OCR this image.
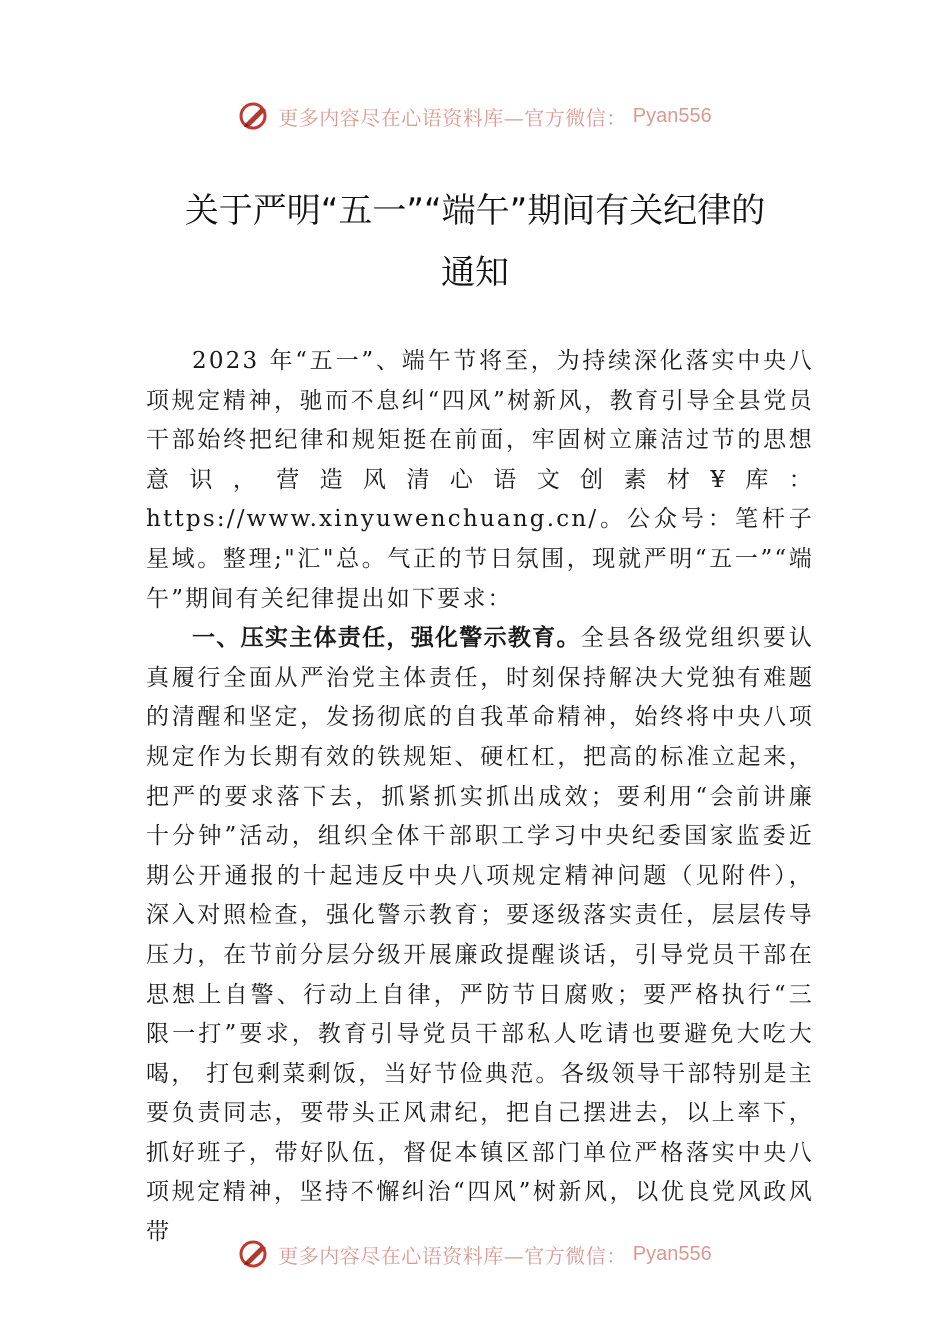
更多内容尽在心语资料库—官方微信： Pyan556
关于严明“五一”“端午”期间有关纪律的
通知

2023 年“五一”、端午节将至，为持续深化落实中央八项规定精神，驰而不息纠“四风”树新风，教育引导全县党员干部始终把纪律和规矩挺在前面，牢固树立廉洁过节的思想意识，营造风清心语文创素材¥库：https://www.xinyuwenchuang.cn/。公众号：笔杆子星域。整理;"汇"总。气正的节日氛围，现就严明“五一”“端午”期间有关纪律提出如下要求：

一、压实主体责任，强化警示教育。全县各级党组织要认真履行全面从严治党主体责任，时刻保持解决大党独有难题的清醒和坚定，发扬彻底的自我革命精神，始终将中央八项规定作为长期有效的铁规矩、硬杠杠，把高的标准立起来，把严的要求落下去，抓紧抓实抓出成效；要利用“会前讲廉十分钟”活动，组织全体干部职工学习中央纪委国家监委近期公开通报的十起违反中央八项规定精神问题（见附件），深入对照检查，强化警示教育；要逐级落实责任，层层传导压力，在节前分层分级开展廉政提醒谈话，引导党员干部在思想上自警、行动上自律，严防节日腐败；要严格执行“三限一打”要求，教育引导党员干部私人吃请也要避免大吃大喝， 打包剩菜剩饭，当好节俭典范。各级领导干部特别是主要负责同志，要带头正风肃纪，把自己摆进去，以上率下，抓好班子，带好队伍，督促本镇区部门单位严格落实中央八项规定精神，坚持不懈纠治“四风”树新风，以优良党风政风带

更多内容尽在心语资料库—官方微信： Pyan556
